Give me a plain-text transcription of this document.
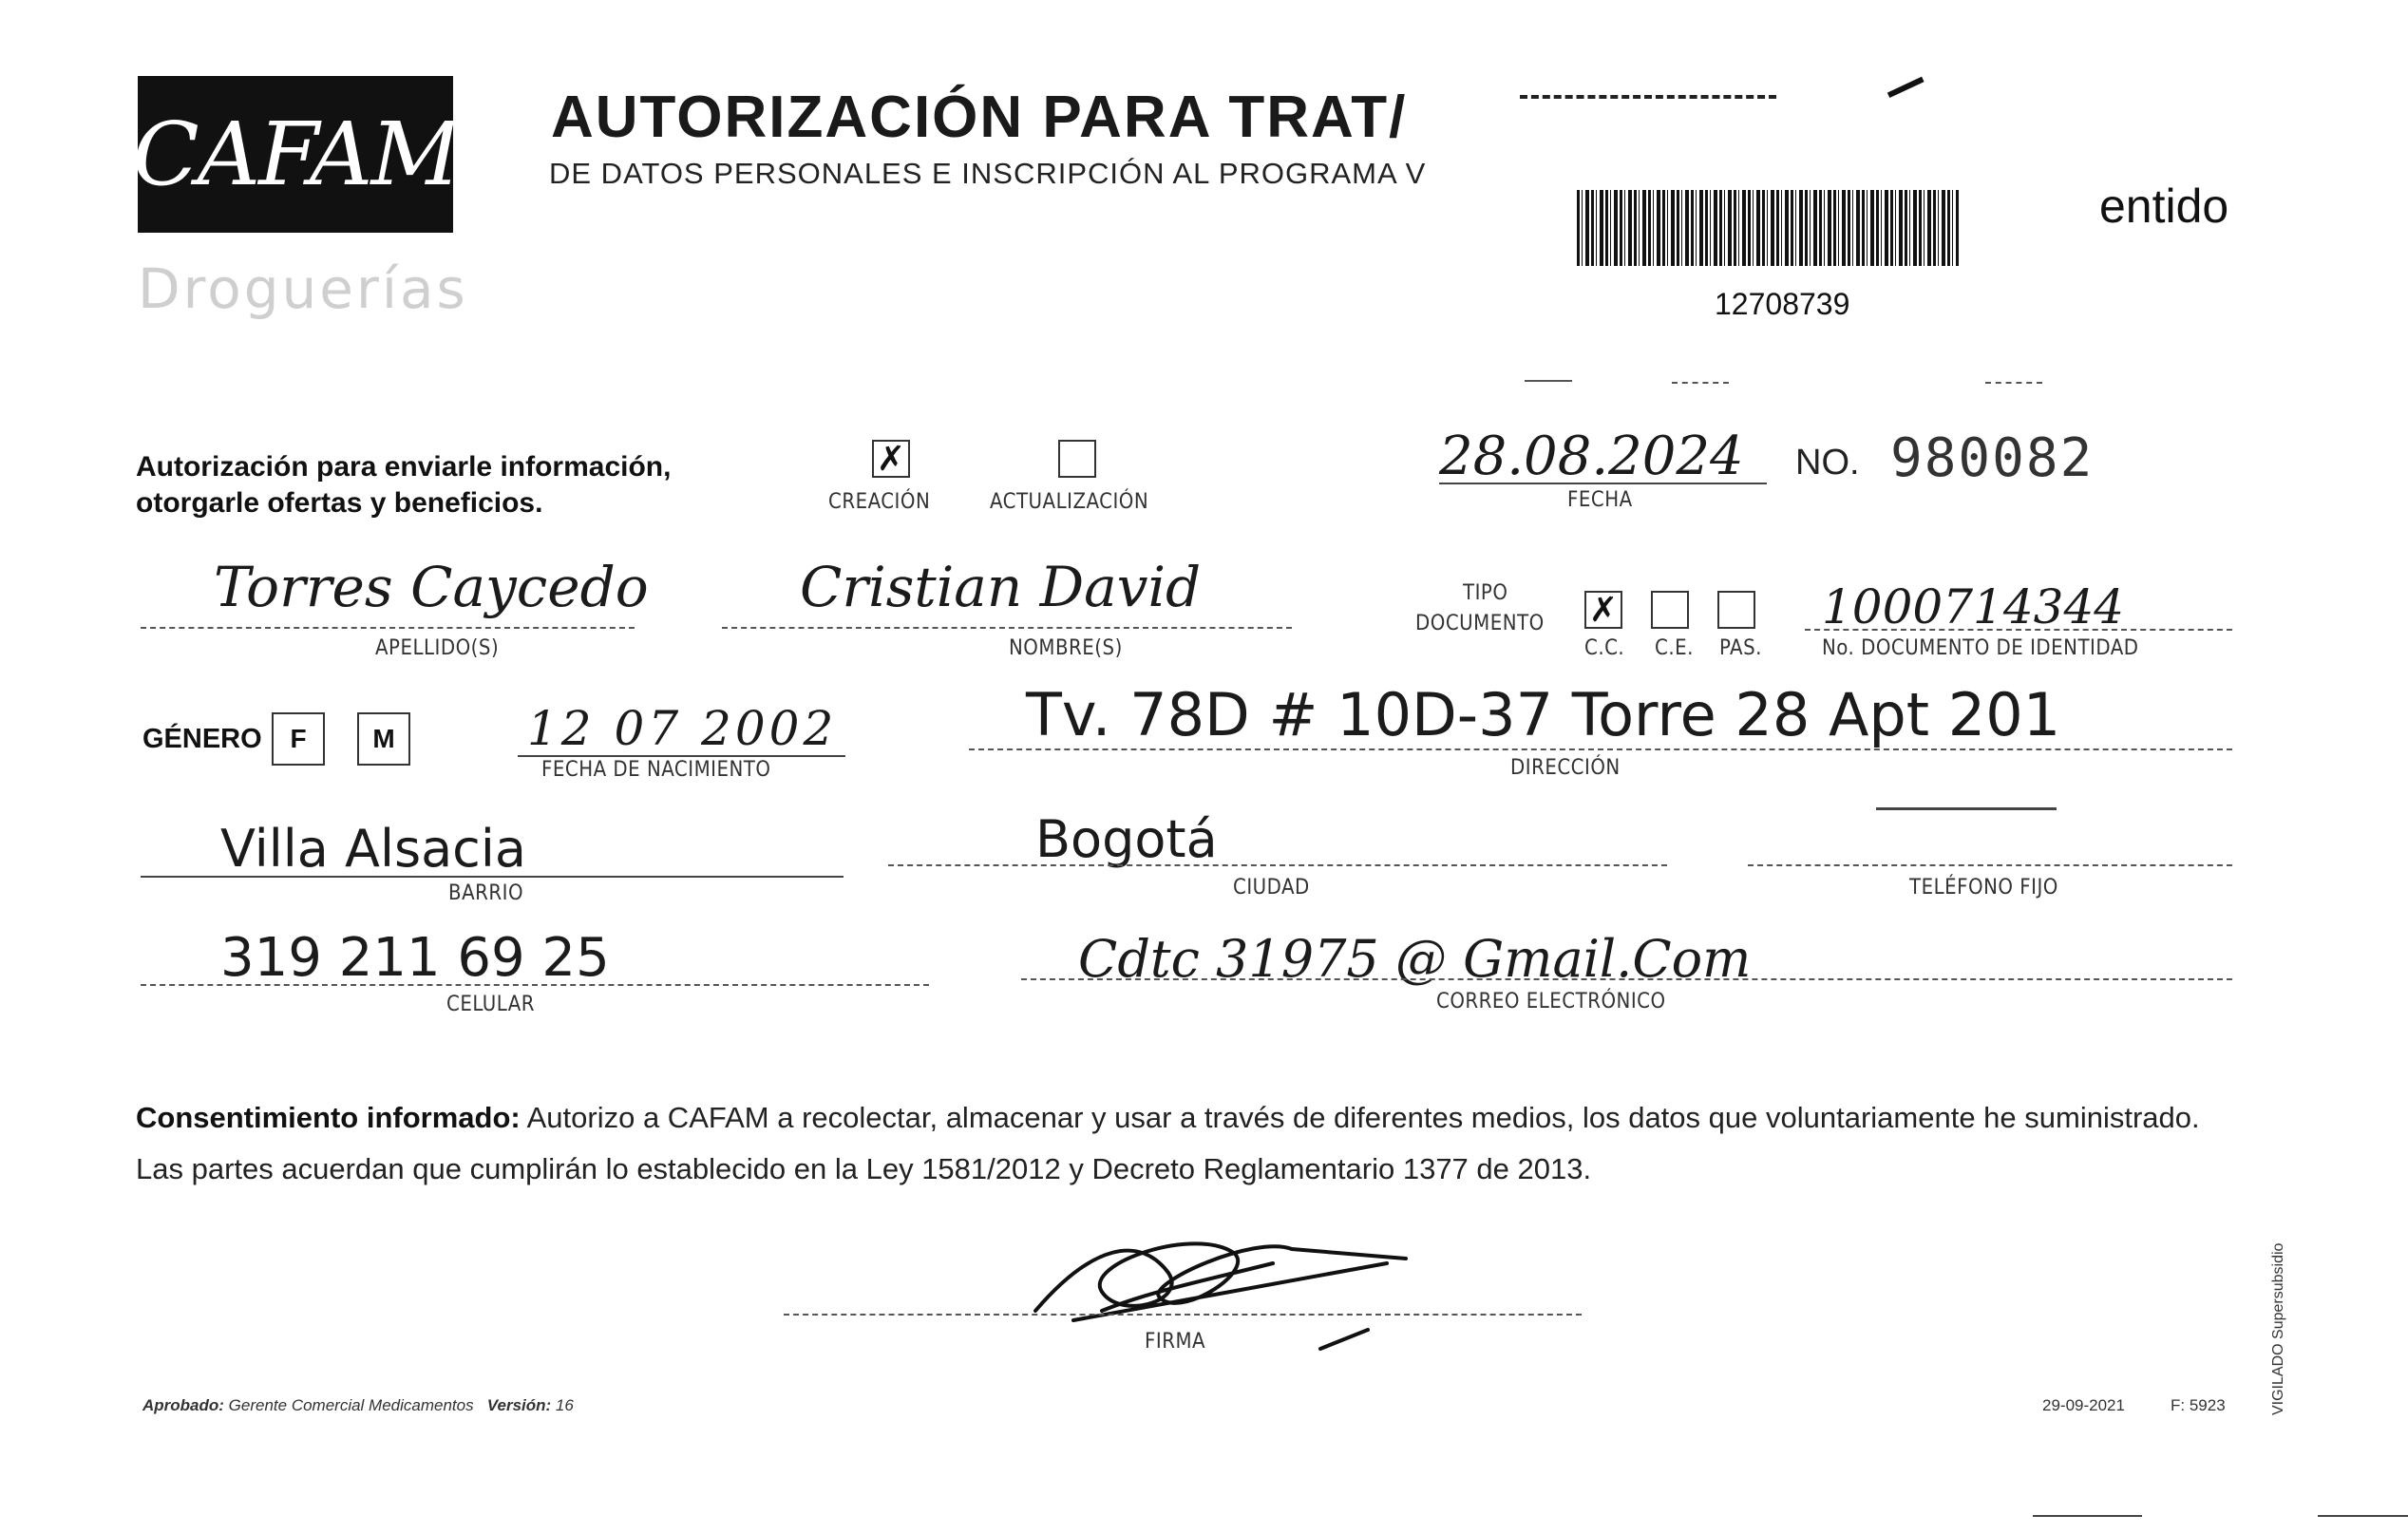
CAFAM
Droguerías
AUTORIZACIÓN PARA TRAT/
DE DATOS PERSONALES E INSCRIPCIÓN AL PROGRAMA V
12708739
entido
Autorización para enviarle información,
otorgarle ofertas y beneficios.
✗
CREACIÓN	ACTUALIZACIÓN
28.08.2024
FECHA
NO. 980082
Torres Caycedo
APELLIDO(S)
Cristian David
NOMBRE(S)
TIPO
DOCUMENTO ✗
C.C. C.E. PAS.
1000714344
No. DOCUMENTO DE IDENTIDAD
GÉNERO	F	M	12 07 2002
FECHA DE NACIMIENTO
Tv. 78D # 10D-37 Torre 28 Apt 201
DIRECCIÓN
Villa Alsacia
BARRIO
Bogotá
CIUDAD	TELÉFONO FIJO
319 211 69 25
CELULAR
Cdtc 31975 @ Gmail.Com
CORREO ELECTRÓNICO
Consentimiento informado: Autorizo a CAFAM a recolectar, almacenar y usar a través de diferentes medios, los datos que voluntariamente he suministrado.
Las partes acuerdan que cumplirán lo establecido en la Ley 1581/2012 y Decreto Reglamentario 1377 de 2013.
FIRMA
Aprobado: Gerente Comercial Medicamentos Versión: 16	29-09-2021	F: 5923	VIGILADO Supersubsidio
